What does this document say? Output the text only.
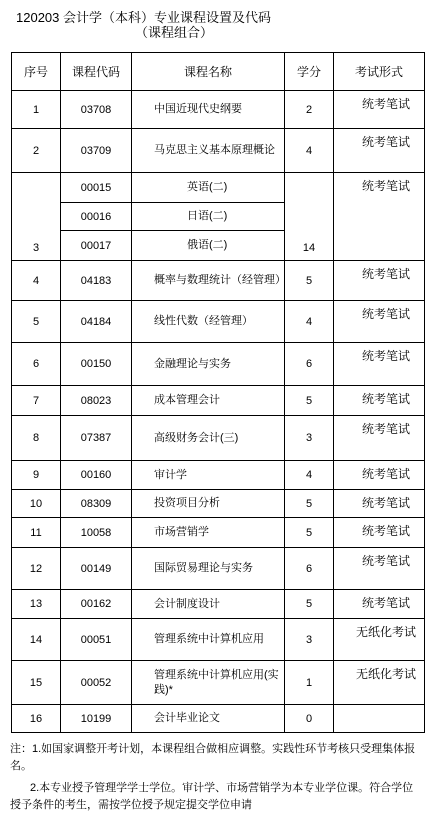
120203 会计学（本科）专业课程设置及代码
（课程组合）
序号	课程代码	课程名称	学分	考试形式
1	03708	中国近现代史纲要	2	统考笔试
2	03709	马克思主义基本原理概论	4	统考笔试
3	00015	英语(二)	14	统考笔试
	00016	日语(二)		

	00017	俄语(二)		

4	04183	概率与数理统计（经管理）	5	统考笔试
5	04184	线性代数（经管理）	4	统考笔试
6	00150	金融理论与实务	6	统考笔试
7	08023	成本管理会计	5	统考笔试
8	07387	高级财务会计(三)	3	统考笔试
9	00160	审计学	4	统考笔试
10	08309	投资项目分析	5	统考笔试
11	10058	市场营销学	5	统考笔试
12	00149	国际贸易理论与实务	6	统考笔试
13	00162	会计制度设计	5	统考笔试
14	00051	管理系统中计算机应用	3	无纸化考试
15	00052	管理系统中计算机应用(实践)*	1	无纸化考试
16	10199	会计毕业论文	0	

注：1.如国家调整开考计划，本课程组合做相应调整。实践性环节考核只受理集体报名。

2.本专业授予管理学学士学位。审计学、市场营销学为本专业学位课。符合学位授予条件的考生，需按学位授予规定提交学位申请
